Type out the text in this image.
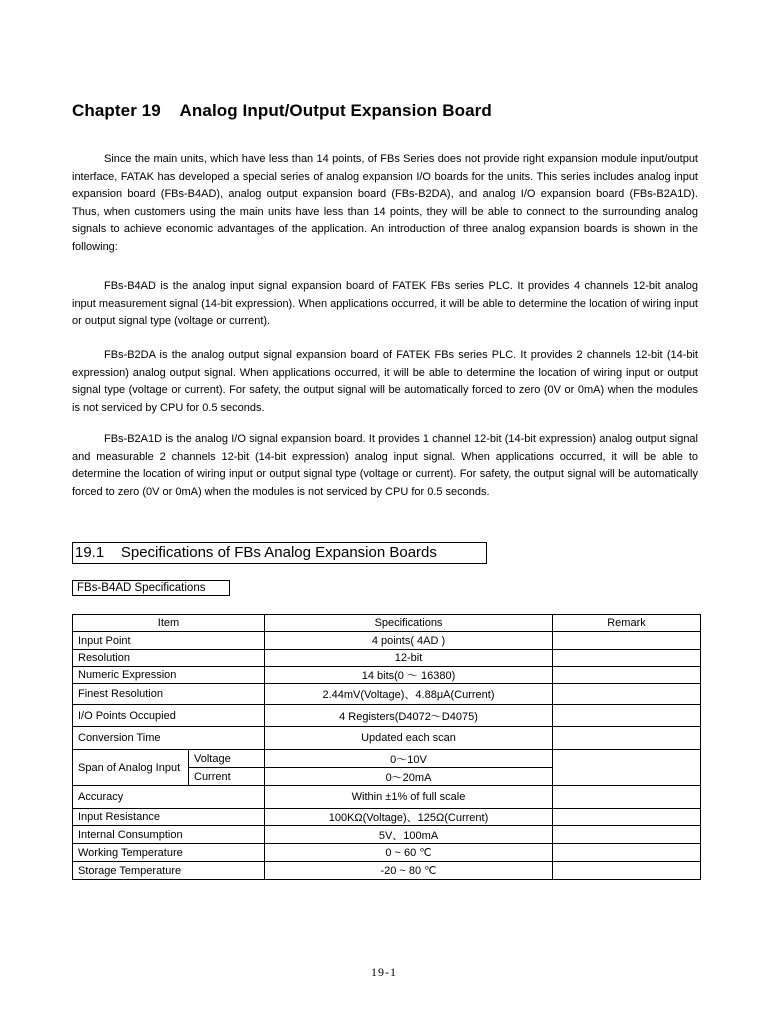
Chapter 19    Analog Input/Output Expansion Board

Since the main units, which have less than 14 points, of FBs Series does not provide right expansion module input/output interface, FATAK has developed a special series of analog expansion I/O boards for the units. This series includes analog input expansion board (FBs-B4AD), analog output expansion board (FBs-B2DA), and analog I/O expansion board (FBs-B2A1D). Thus, when customers using the main units have less than 14 points, they will be able to connect to the surrounding analog signals to achieve economic advantages of the application. An introduction of three analog expansion boards is shown in the following:

FBs-B4AD is the analog input signal expansion board of FATEK FBs series PLC. It provides 4 channels 12-bit analog input measurement signal (14-bit expression). When applications occurred, it will be able to determine the location of wiring input or output signal type (voltage or current).

FBs-B2DA is the analog output signal expansion board of FATEK FBs series PLC. It provides 2 channels 12-bit (14-bit expression) analog output signal. When applications occurred, it will be able to determine the location of wiring input or output signal type (voltage or current). For safety, the output signal will be automatically forced to zero (0V or 0mA) when the modules is not serviced by CPU for 0.5 seconds.

FBs-B2A1D is the analog I/O signal expansion board. It provides 1 channel 12-bit (14-bit expression) analog output signal and measurable 2 channels 12-bit (14-bit expression) analog input signal. When applications occurred, it will be able to determine the location of wiring input or output signal type (voltage or current). For safety, the output signal will be automatically forced to zero (0V or 0mA) when the modules is not serviced by CPU for 0.5 seconds.

19.1    Specifications of FBs Analog Expansion Boards
FBs-B4AD Specifications
Item		Specifications	Remark
Input Point		4 points( 4AD )	
Resolution		12-bit	
Numeric Expression		14 bits(0 ～ 16380)	
Finest Resolution		2.44mV(Voltage)、4.88μA(Current)	
I/O Points Occupied		4 Registers(D4072～D4075)	
Conversion Time		Updated each scan	
Span of Analog Input	Voltage	0～10V	
	Current	0～20mA	
Accuracy		Within ±1% of full scale	
Input Resistance		100KΩ(Voltage)、125Ω(Current)	
Internal Consumption		5V、100mA	
Working Temperature		0 ~ 60 ℃	
Storage Temperature		-20 ~ 80 ℃	
19-1
